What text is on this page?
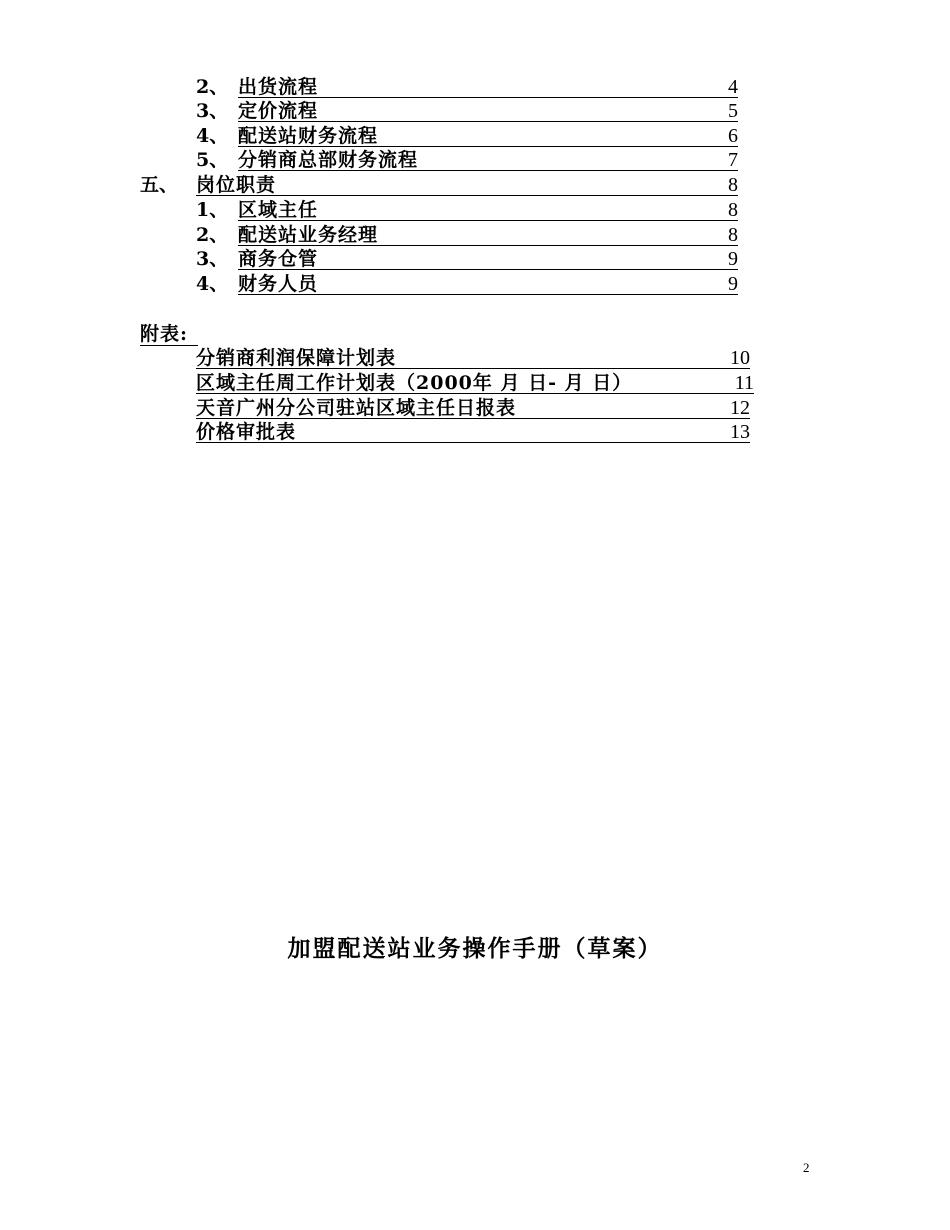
2、 出货流程	4
3、 定价流程	5
4、 配送站财务流程	6
5、 分销商总部财务流程	7
五、 岗位职责	8
1、 区域主任	8
2、 配送站业务经理	8
3、 商务仓管	9
4、 财务人员	9
附表:
分销商利润保障计划表	10
区域主任周工作计划表（2000年 月 日- 月 日）	11
天音广州分公司驻站区域主任日报表	12
价格审批表	13
加盟配送站业务操作手册（草案）
2
